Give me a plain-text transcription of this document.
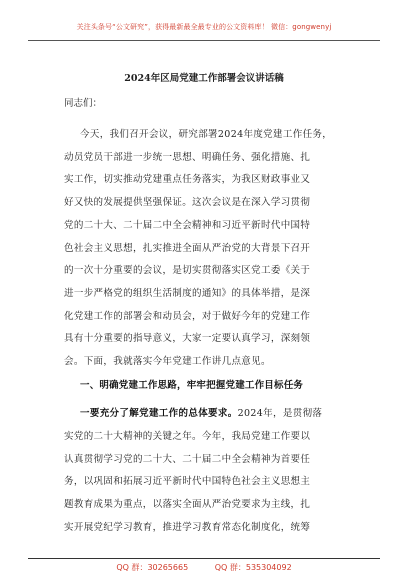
关注头条号“公文研究”，获得最新最全最专业的公文资料库！ 微信：gongwenyj
2024年区局党建工作部署会议讲话稿
同志们：
今天，我们召开会议，研究部署2024年度党建工作任务，
动员党员干部进一步统一思想、明确任务、强化措施、扎
实工作，切实推动党建重点任务落实，为我区财政事业又
好又快的发展提供坚强保证。这次会议是在深入学习贯彻
党的二十大、二十届二中全会精神和习近平新时代中国特
色社会主义思想，扎实推进全面从严治党的大背景下召开
的一次十分重要的会议，是切实贯彻落实区党工委《关于
进一步严格党的组织生活制度的通知》的具体举措，是深
化党建工作的部署会和动员会，对于做好今年的党建工作
具有十分重要的指导意义，大家一定要认真学习，深刻领
会。下面，我就落实今年党建工作讲几点意见。
一、明确党建工作思路，牢牢把握党建工作目标任务
一要充分了解党建工作的总体要求。2024年，是贯彻落
实党的二十大精神的关键之年。今年，我局党建工作要以
认真贯彻学习党的二十大、二十届二中全会精神为首要任
务，以巩固和拓展习近平新时代中国特色社会主义思想主
题教育成果为重点，以落实全面从严治党要求为主线，扎
实开展党纪学习教育，推进学习教育常态化制度化，统筹
QQ 群：30265665	QQ 群：535304092
